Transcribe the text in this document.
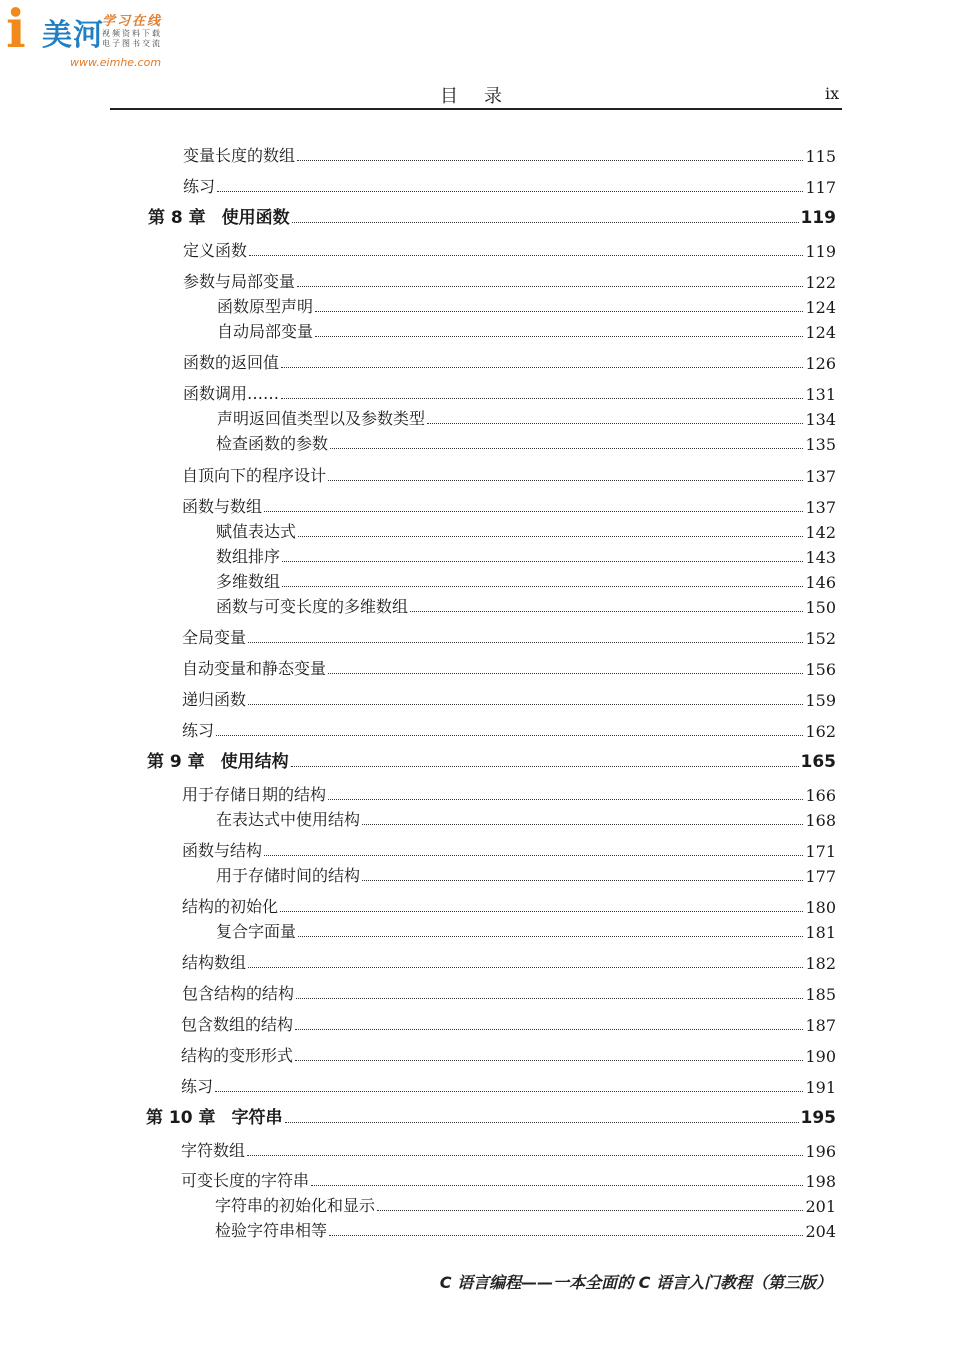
i 美河
学习在线
视频资料下载
电子图书交流
www.eimhe.com
目录	ix
变量长度的数组	115
练习	117
第 8 章 使用函数	119
定义函数	119
参数与局部变量	122
函数原型声明	124
自动局部变量	124
函数的返回值	126
函数调用……	131
声明返回值类型以及参数类型	134
检查函数的参数	135
自顶向下的程序设计	137
函数与数组	137
赋值表达式	142
数组排序	143
多维数组	146
函数与可变长度的多维数组	150
全局变量	152
自动变量和静态变量	156
递归函数	159
练习	162
第 9 章 使用结构	165
用于存储日期的结构	166
在表达式中使用结构	168
函数与结构	171
用于存储时间的结构	177
结构的初始化	180
复合字面量	181
结构数组	182
包含结构的结构	185
包含数组的结构	187
结构的变形形式	190
练习	191
第 10 章 字符串	195
字符数组	196
可变长度的字符串	198
字符串的初始化和显示	201
检验字符串相等	204
C 语言编程——一本全面的 C 语言入门教程（第三版）
